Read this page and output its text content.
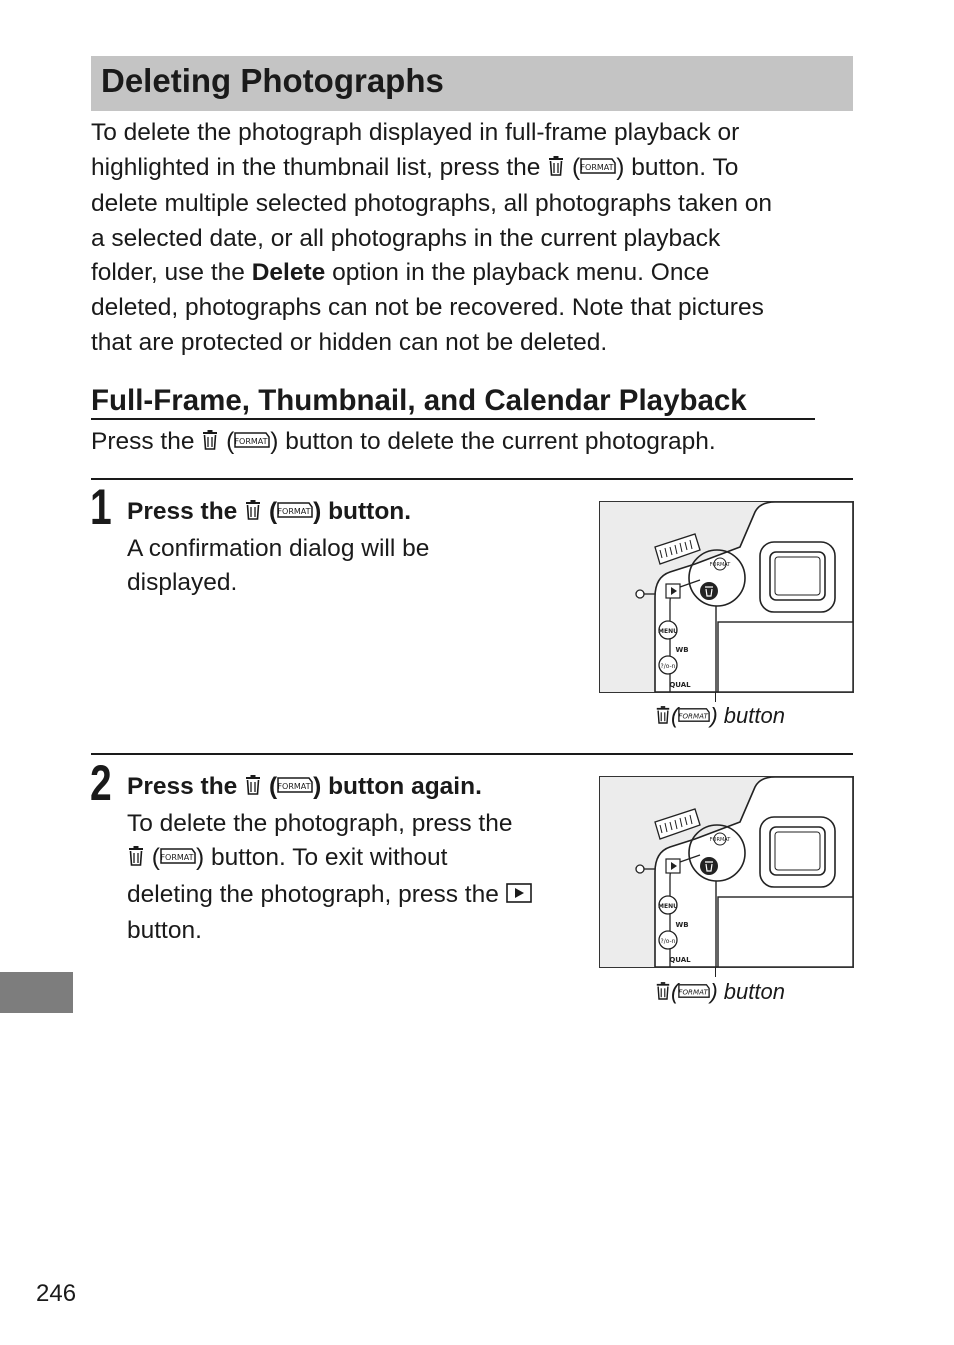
Deleting Photographs

To delete the photograph displayed in full-frame playback or

highlighted in the thumbnail list, press the  ( FORMAT ) button. To

delete multiple selected photographs, all photographs taken on

a selected date, or all photographs in the current playback

folder, use the Delete option in the playback menu. Once

deleted, photographs can not be recovered. Note that pictures

that are protected or hidden can not be deleted.

Full-Frame, Thumbnail, and Calendar Playback
Press the  ( FORMAT ) button to delete the current photograph.
1 Press the ( FORMAT ) button.

A confirmation dialog will be

displayed.

FORMAT
MENU
WB
?/o-n
QUAL
( FORMAT ) button
2 Press the ( FORMAT ) button again.

To delete the photograph, press the

( FORMAT ) button. To exit without

deleting the photograph, press the

button.

FORMAT
MENU
WB
?/o-n
QUAL
( FORMAT ) button
246
